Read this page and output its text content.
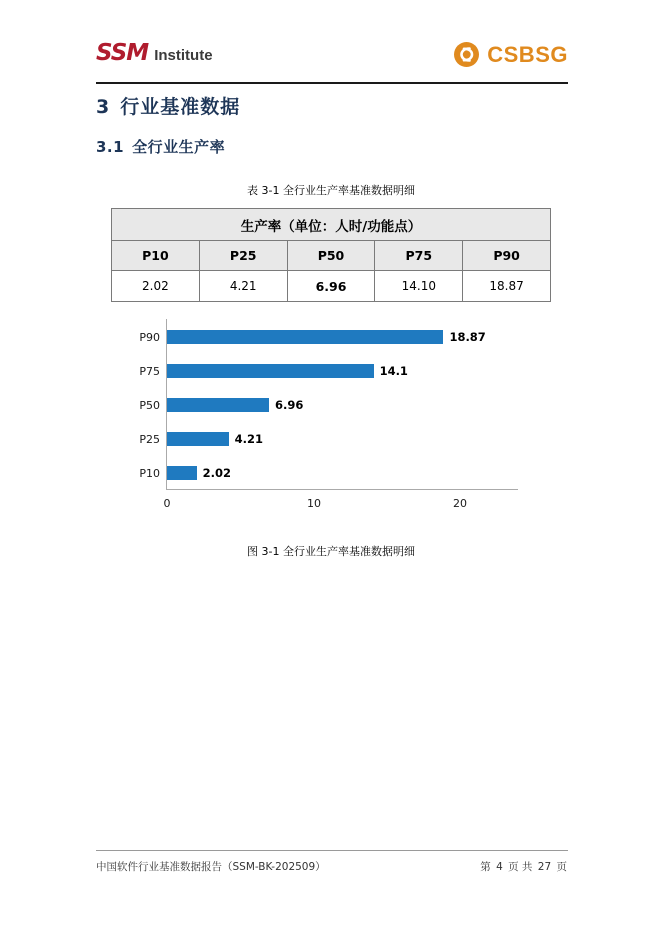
SSM Institute	CSBSG
3 行业基准数据
3.1 全行业生产率
表 3-1 全行业生产率基准数据明细
生产率（单位：人时/功能点）				
P10	P25	P50	P75	P90
2.02	4.21	6.96	14.10	18.87
P90	18.87
P75	14.1
P50	6.96
P25	4.21
P10	2.02
0	10	20
图 3-1 全行业生产率基准数据明细
中国软件行业基准数据报告（SSM-BK-202509）	第 4 页 共 27 页
